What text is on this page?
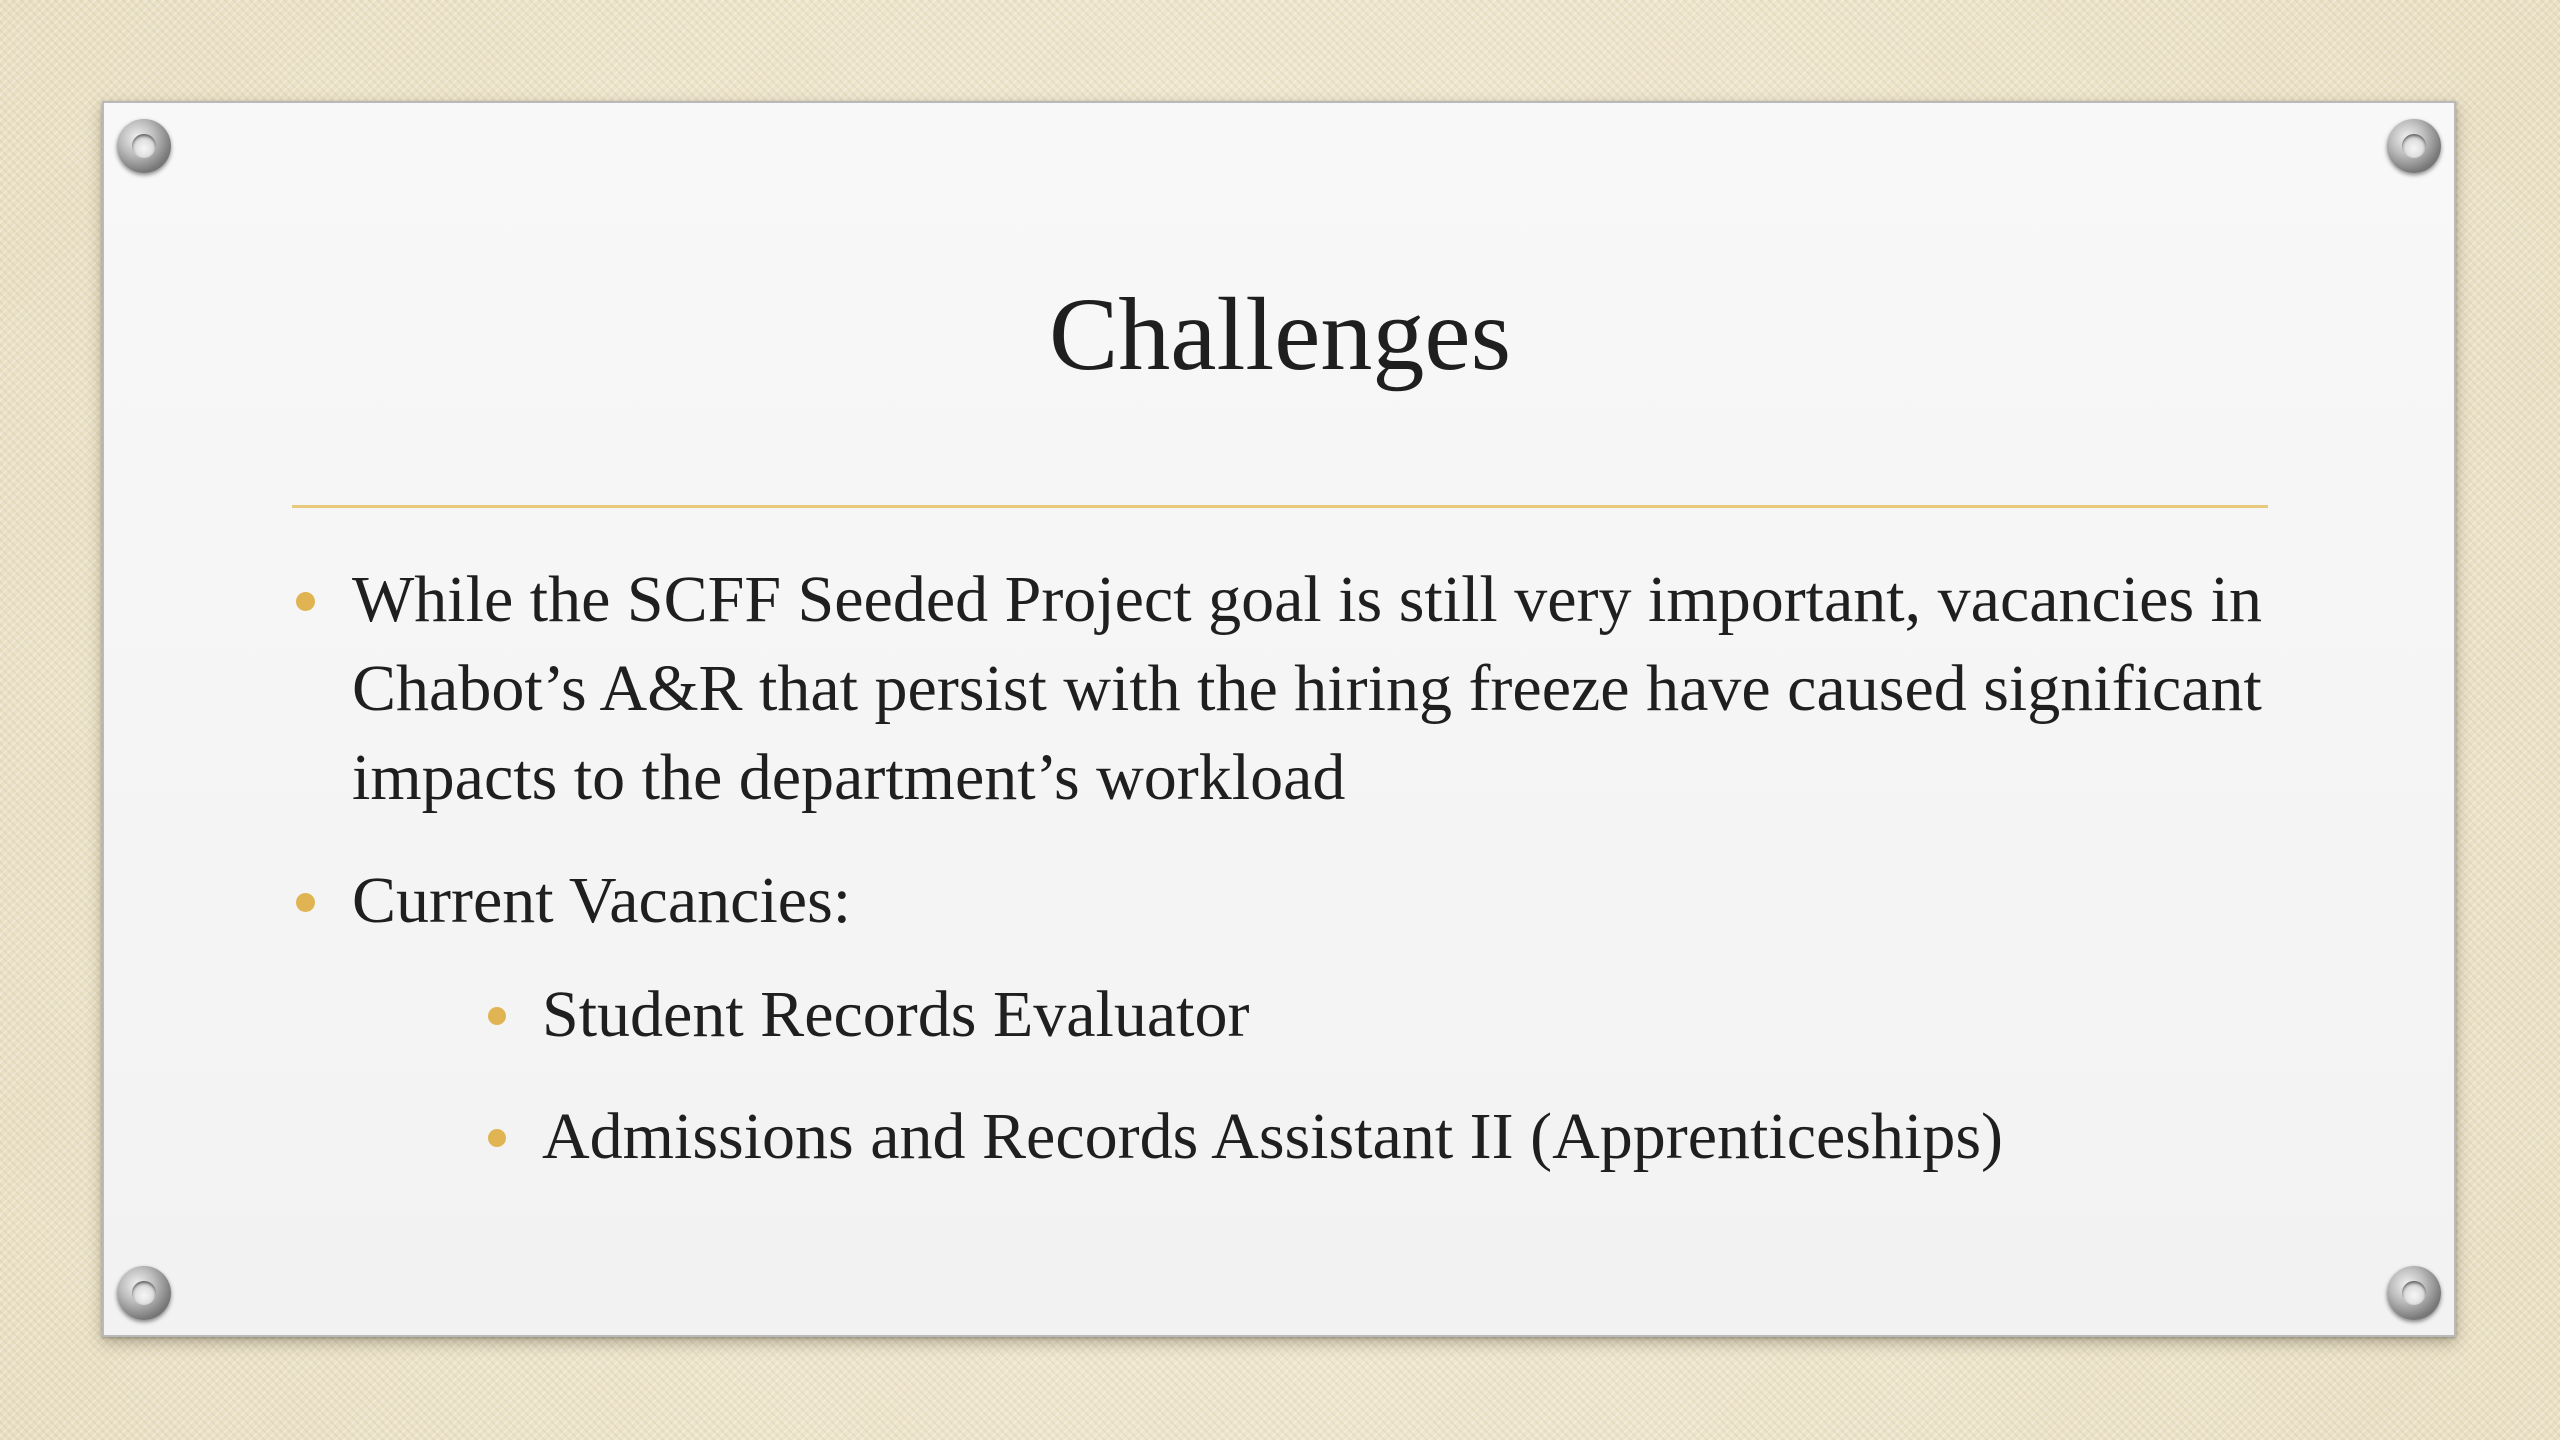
Challenges
While the SCFF Seeded Project goal is still very important, vacancies in Chabot’s A&R that persist with the hiring freeze have caused significant impacts to the department’s workload
Current Vacancies:
Student Records Evaluator
Admissions and Records Assistant II (Apprenticeships)
